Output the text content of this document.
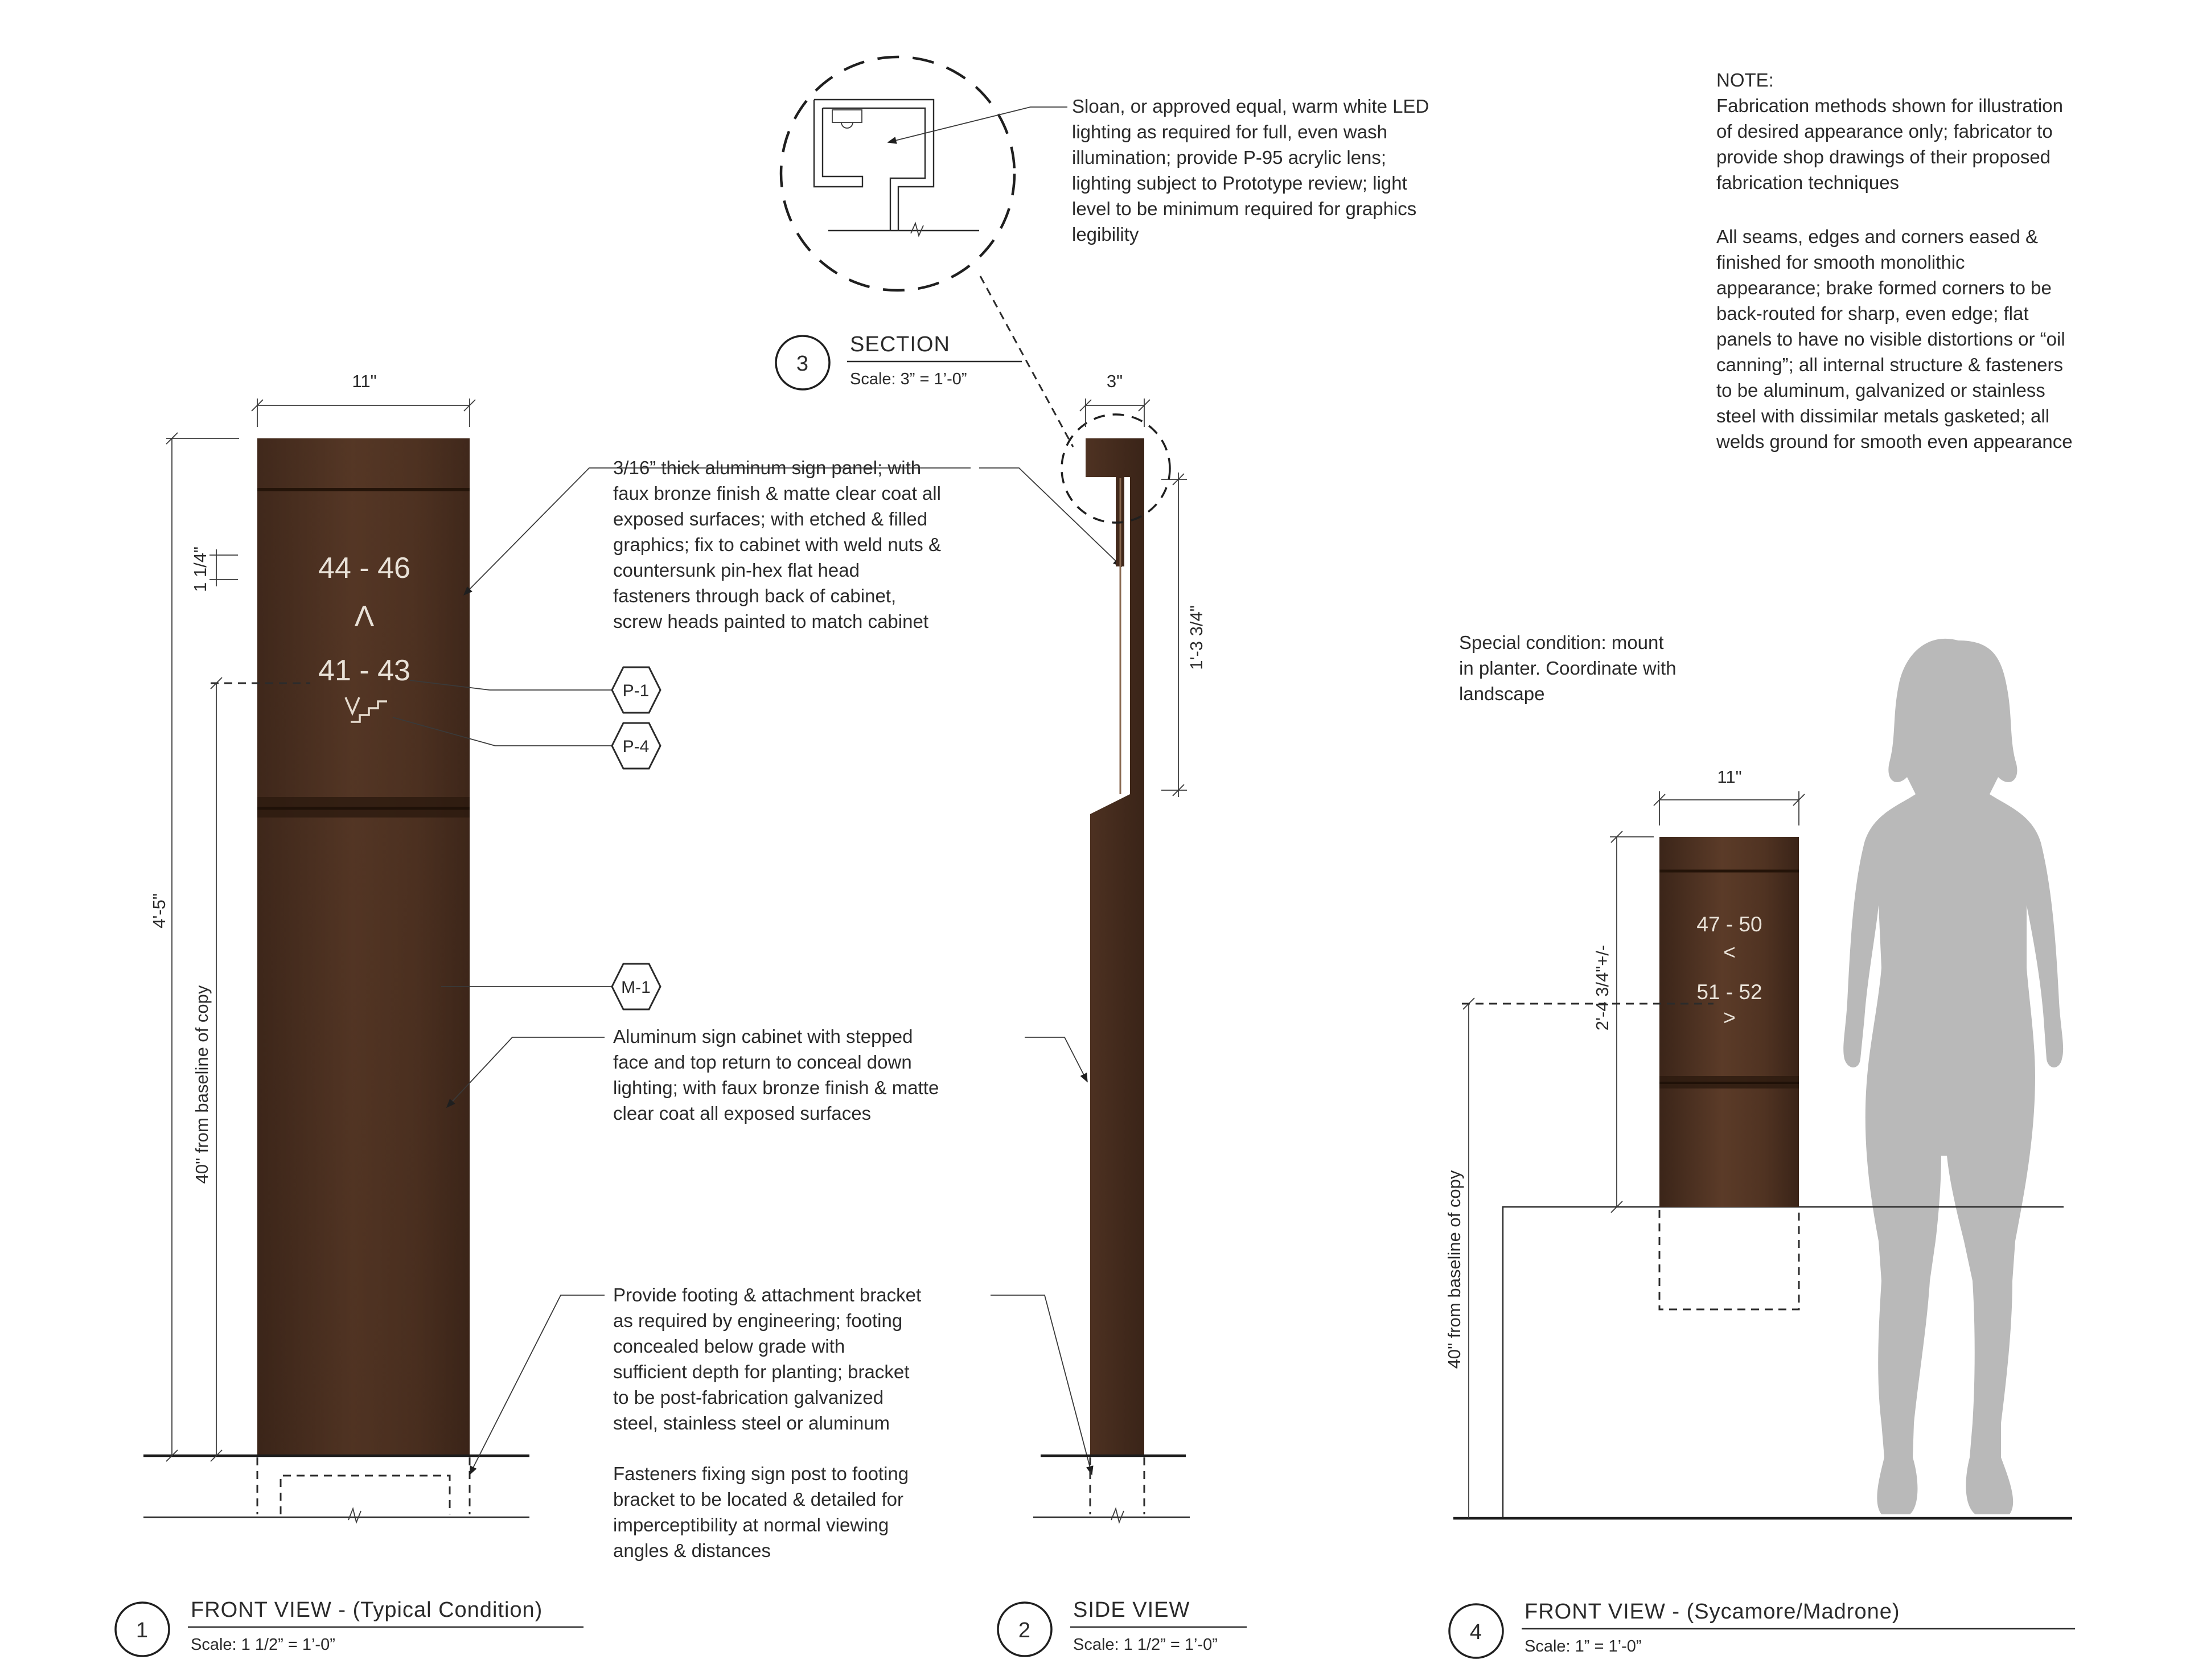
NOTE:
Fabrication methods shown for illustration
of desired appearance only; fabricator to
provide shop drawings of their proposed
fabrication techniques
All seams, edges and corners eased &
finished for smooth monolithic
appearance; brake formed corners to be
back-routed for sharp, even edge; flat
panels to have no visible distortions or “oil
canning”; all internal structure & fasteners
to be aluminum, galvanized or stainless
steel with dissimilar metals gasketed; all
welds ground for smooth even appearance
Sloan, or approved equal, warm white LED
lighting as required for full, even wash
illumination; provide P-95 acrylic lens;
lighting subject to Prototype review; light
level to be minimum required for graphics
legibility
3
SECTION
Scale: 3” = 1’-0”
44 - 46
Λ
41 - 43
11"
4'-5"
1 1/4"
40" from baseline of copy
3/16” thick aluminum sign panel; with
faux bronze finish & matte clear coat all
exposed surfaces; with etched & filled
graphics; fix to cabinet with weld nuts &
countersunk pin-hex flat head
fasteners through back of cabinet,
screw heads painted to match cabinet
P-1
P-4
M-1
Aluminum sign cabinet with stepped
face and top return to conceal down
lighting; with faux bronze finish & matte
clear coat all exposed surfaces
Provide footing & attachment bracket
as required by engineering; footing
concealed below grade with
sufficient depth for planting; bracket
to be post-fabrication galvanized
steel, stainless steel or aluminum
Fasteners fixing sign post to footing
bracket to be located & detailed for
imperceptibility at normal viewing
angles & distances
1
FRONT VIEW - (Typical Condition)
Scale: 1 1/2” = 1’-0”
3"
1'-3 3/4"
2
SIDE VIEW
Scale: 1 1/2” = 1’-0”
Special condition: mount
in planter. Coordinate with
landscape
47 - 50
<
51 - 52
>
11"
2'-4 3/4"+/-
40" from baseline of copy
4
FRONT VIEW - (Sycamore/Madrone)
Scale: 1” = 1’-0”
